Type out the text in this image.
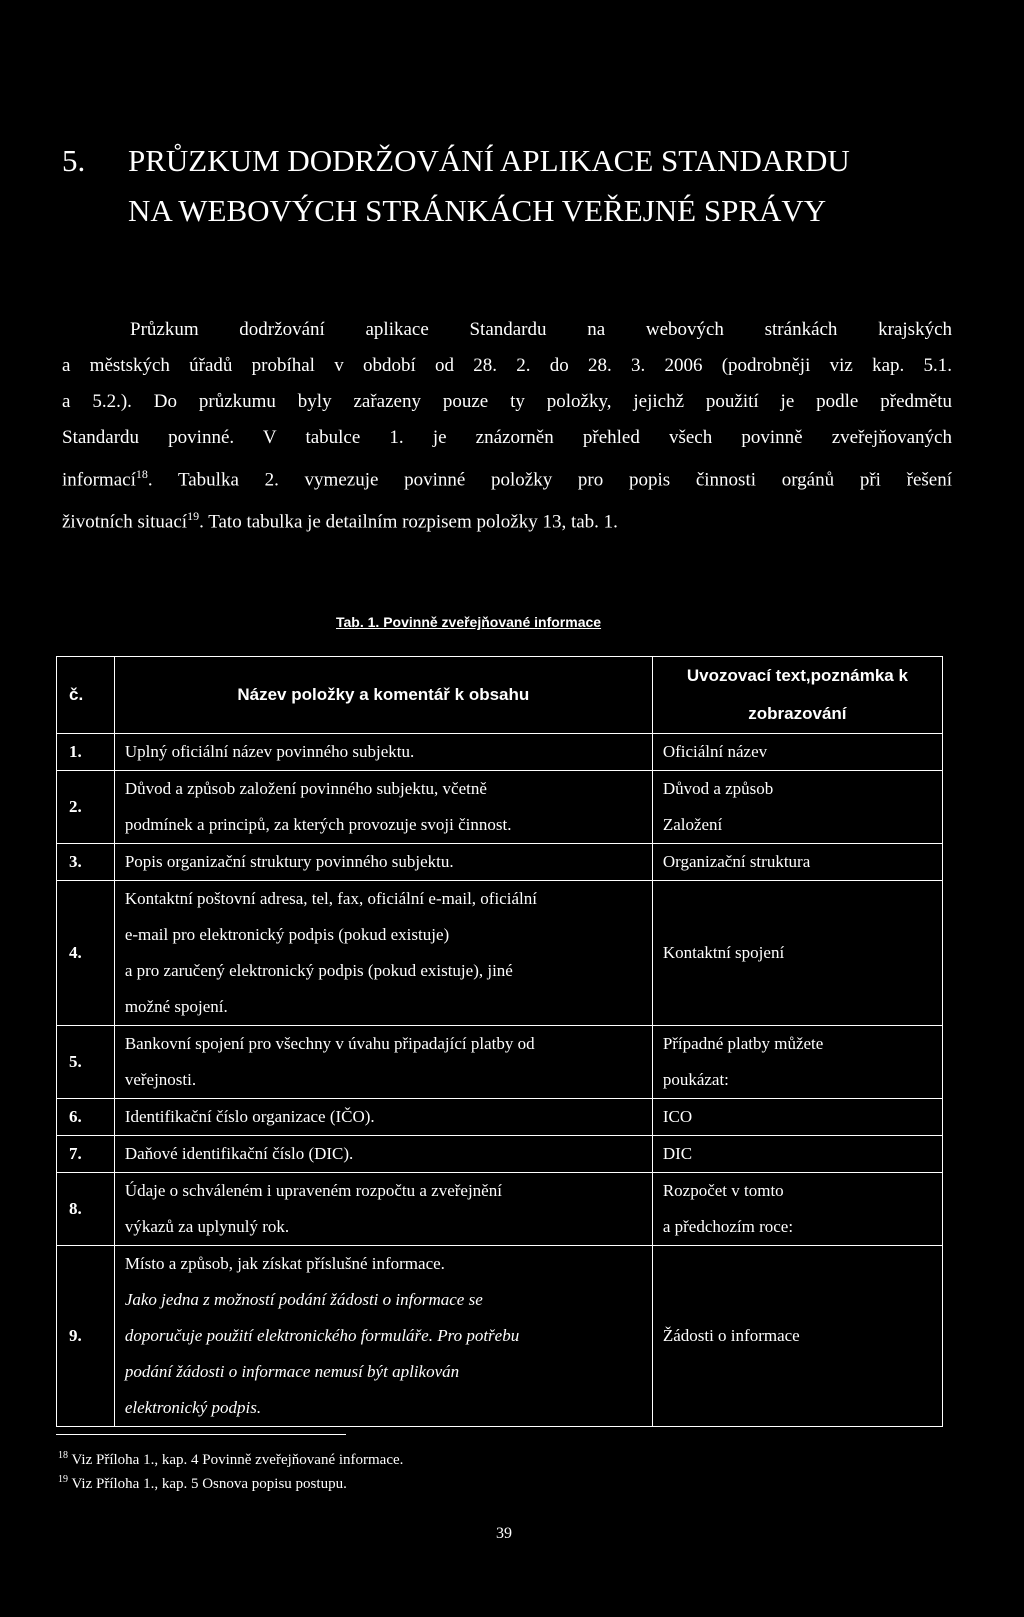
5. PRŮZKUM DODRŽOVÁNÍ APLIKACE STANDARDU
NA WEBOVÝCH STRÁNKÁCH VEŘEJNÉ SPRÁVY
Průzkum dodržování aplikace Standardu na webových stránkách krajských
a městských úřadů probíhal v období od 28. 2. do 28. 3. 2006 (podrobněji viz kap. 5.1.
a 5.2.). Do průzkumu byly zařazeny pouze ty položky, jejichž použití je podle předmětu
Standardu povinné. V tabulce 1. je znázorněn přehled všech povinně zveřejňovaných
informací$^{18}$. Tabulka 2. vymezuje povinné položky pro popis činnosti orgánů při řešení
životních situací$^{19}$. Tato tabulka je detailním rozpisem položky 13, tab. 1.
Tab. 1. Povinně zveřejňované informace
č.	Název položky a komentář k obsahu	Uvozovací text,poznámka k zobrazování
1.	Uplný oficiální název povinného subjektu.	Oficiální název

2.	Důvod a způsob založení povinného subjektu, včetně
podmínek a principů, za kterých provozuje svoji činnost.	Důvod a způsob
Založení

3.	Popis organizační struktury povinného subjektu.	Organizační struktura

4.	Kontaktní poštovní adresa, tel, fax, oficiální e-mail, oficiální
e-mail pro elektronický podpis (pokud existuje)
a pro zaručený elektronický podpis (pokud existuje), jiné
možné spojení.	Kontaktní spojení

5.	Bankovní spojení pro všechny v úvahu připadající platby od
veřejnosti.	Případné platby můžete
poukázat:

6.	Identifikační číslo organizace (IČO).	ICO

7.	Daňové identifikační číslo (DIC).	DIC

8.	Údaje o schváleném i upraveném rozpočtu a zveřejnění
výkazů za uplynulý rok.	Rozpočet v tomto
a předchozím roce:

9.	Místo a způsob, jak získat příslušné informace.
Jako jedna z možností podání žádosti o informace se
doporučuje použití elektronického formuláře. Pro potřebu
podání žádosti o informace nemusí být aplikován
elektronický podpis.	Žádosti o informace
$^{18}$ Viz Příloha 1., kap. 4 Povinně zveřejňované informace.
$^{19}$ Viz Příloha 1., kap. 5 Osnova popisu postupu.
39
